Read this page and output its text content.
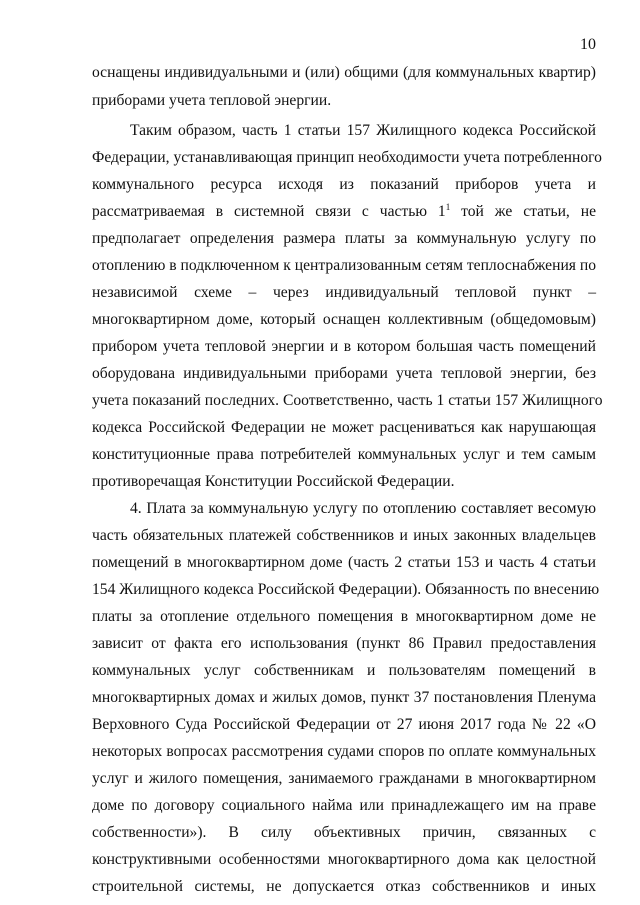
10

оснащены индивидуальными и (или) общими (для коммунальных квартир)

приборами учета тепловой энергии.

Таким образом, часть 1 статьи 157 Жилищного кодекса Российской

Федерации, устанавливающая принцип необходимости учета потребленного

коммунального ресурса исходя из показаний приборов учета и

рассматриваемая в системной связи с частью $1^1$ той же статьи, не

предполагает определения размера платы за коммунальную услугу по

отоплению в подключенном к централизованным сетям теплоснабжения по

независимой схеме – через индивидуальный тепловой пункт –

многоквартирном доме, который оснащен коллективным (общедомовым)

прибором учета тепловой энергии и в котором большая часть помещений

оборудована индивидуальными приборами учета тепловой энергии, без

учета показаний последних. Соответственно, часть 1 статьи 157 Жилищного

кодекса Российской Федерации не может расцениваться как нарушающая

конституционные права потребителей коммунальных услуг и тем самым

противоречащая Конституции Российской Федерации.

4. Плата за коммунальную услугу по отоплению составляет весомую

часть обязательных платежей собственников и иных законных владельцев

помещений в многоквартирном доме (часть 2 статьи 153 и часть 4 статьи

154 Жилищного кодекса Российской Федерации). Обязанность по внесению

платы за отопление отдельного помещения в многоквартирном доме не

зависит от факта его использования (пункт 86 Правил предоставления

коммунальных услуг собственникам и пользователям помещений в

многоквартирных домах и жилых домов, пункт 37 постановления Пленума

Верховного Суда Российской Федерации от 27 июня 2017 года № 22 «О

некоторых вопросах рассмотрения судами споров по оплате коммунальных

услуг и жилого помещения, занимаемого гражданами в многоквартирном

доме по договору социального найма или принадлежащего им на праве

собственности»). В силу объективных причин, связанных с

конструктивными особенностями многоквартирного дома как целостной

строительной системы, не допускается отказ собственников и иных
